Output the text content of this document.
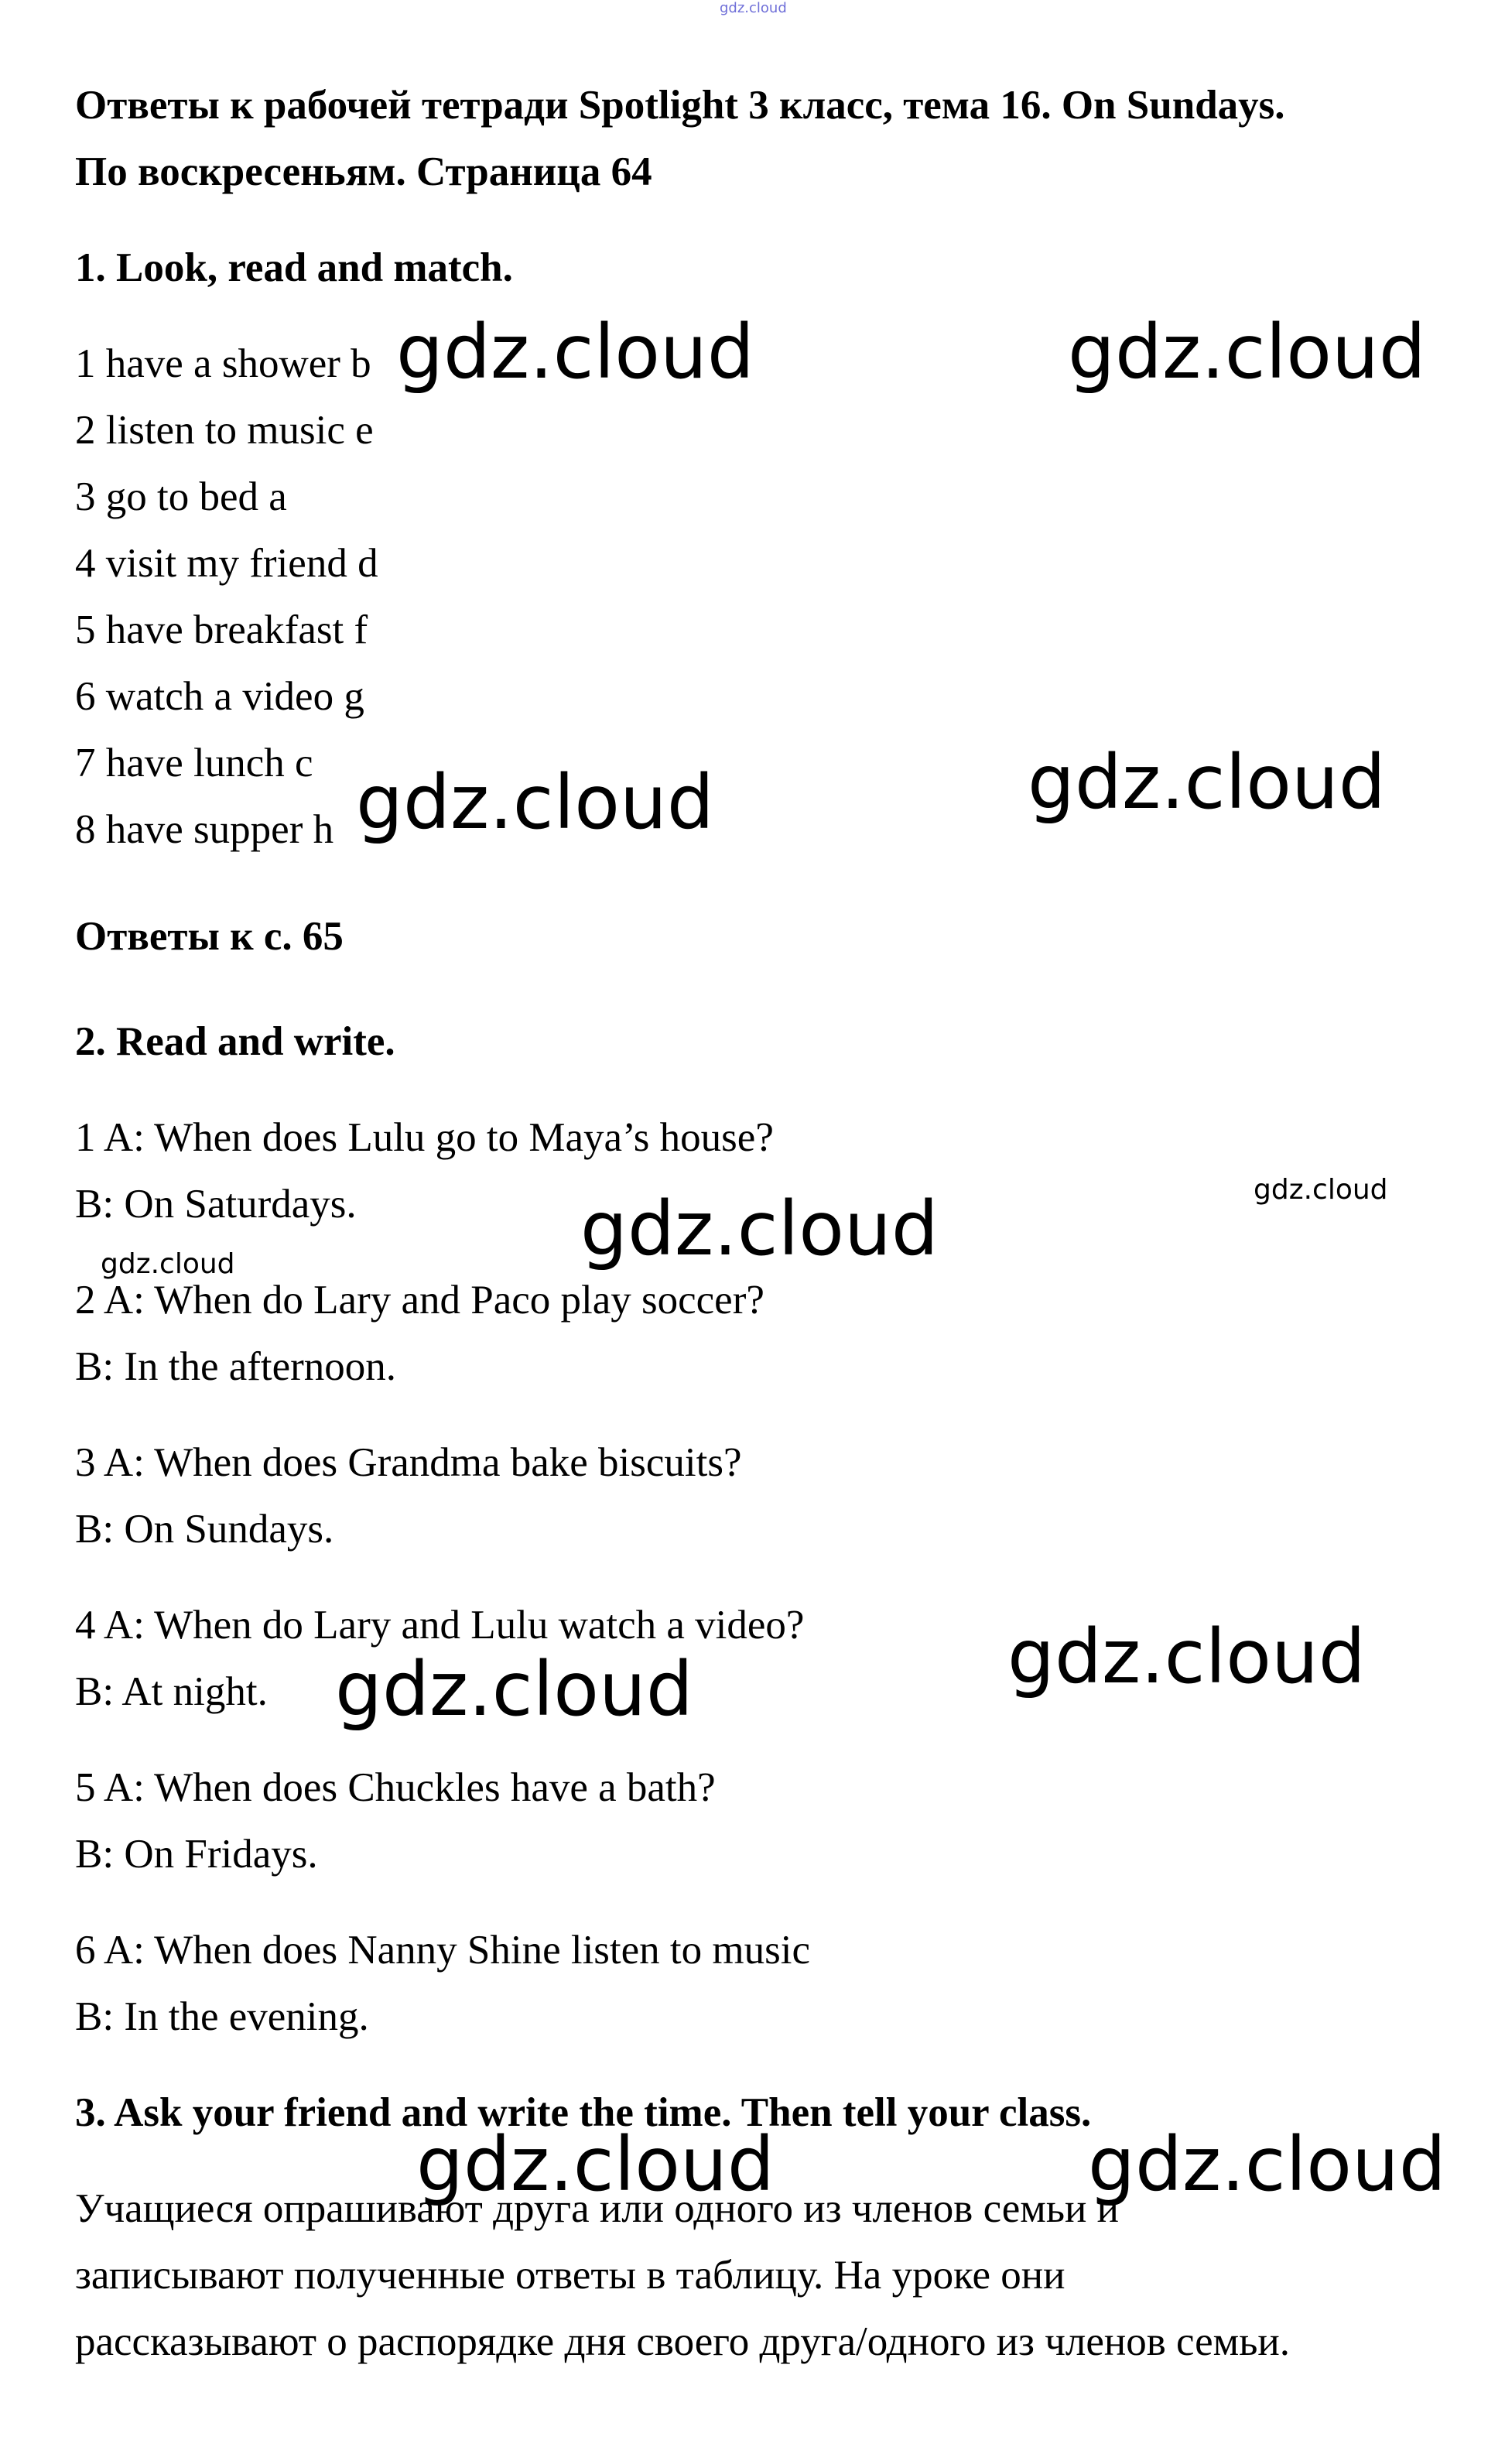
gdz.cloud
Ответы к рабочей тетради Spotlight 3 класс, тема 16. On Sundays.
По воскресеньям. Страница 64
1. Look, read and match.
1 have a shower b
2 listen to music e
3 go to bed a
4 visit my friend d
5 have breakfast f
6 watch a video g
7 have lunch c
8 have supper h
Ответы к с. 65
2. Read and write.
1 A: When does Lulu go to Maya’s house?
B: On Saturdays.
2 A: When do Lary and Paco play soccer?
B: In the afternoon.
3 A: When does Grandma bake biscuits?
B: On Sundays.
4 A: When do Lary and Lulu watch a video?
B: At night.
5 A: When does Chuckles have a bath?
B: On Fridays.
6 A: When does Nanny Shine listen to music
B: In the evening.
3. Ask your friend and write the time. Then tell your class.
Учащиеся опрашивают друга или одного из членов семьи и
записывают полученные ответы в таблицу. На уроке они
рассказывают о распорядке дня своего друга/одного из членов семьи.
gdz.cloud	gdz.cloud
gdz.cloud	gdz.cloud
gdz.cloud	gdz.cloud
gdz.cloud
gdz.cloud
gdz.cloud
gdz.cloud	gdz.cloud
